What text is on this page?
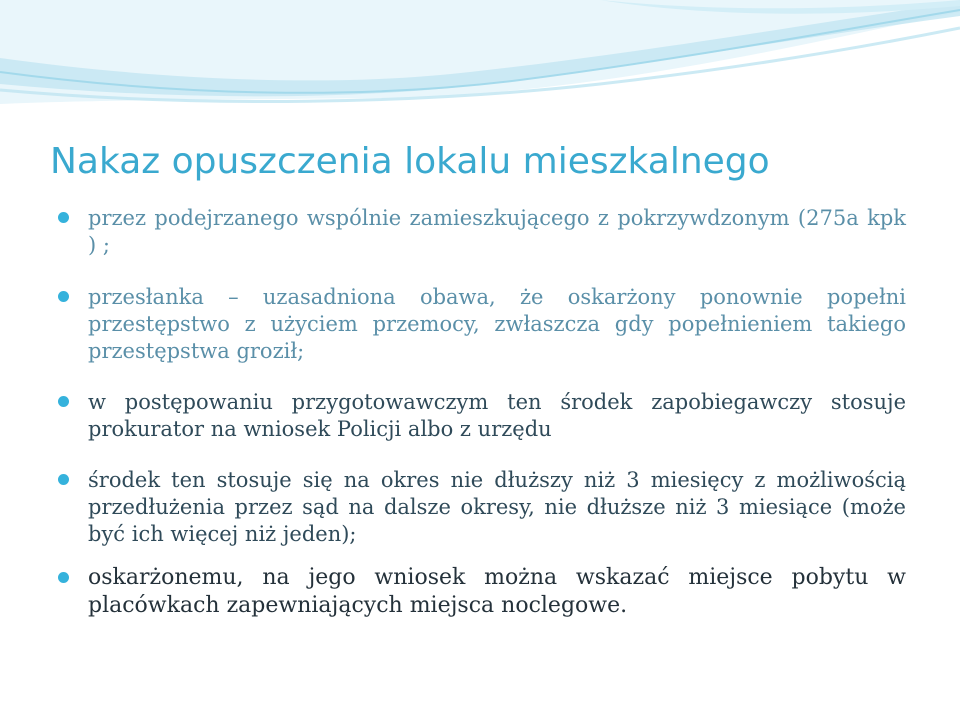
Nakaz opuszczenia lokalu mieszkalnego
przez podejrzanego wspólnie zamieszkującego z pokrzywdzonym (275a kpk ) ;
przesłanka – uzasadniona obawa, że oskarżony ponownie popełni przestępstwo z użyciem przemocy, zwłaszcza gdy popełnieniem takiego przestępstwa groził;
w postępowaniu przygotowawczym ten środek zapobiegawczy stosuje prokurator na wniosek Policji albo z urzędu
środek ten stosuje się na okres nie dłuższy niż 3 miesięcy z możliwością przedłużenia przez sąd na dalsze okresy, nie dłuższe niż 3 miesiące (może być ich więcej niż jeden);
oskarżonemu, na jego wniosek można wskazać miejsce pobytu w placówkach zapewniających miejsca noclegowe.
